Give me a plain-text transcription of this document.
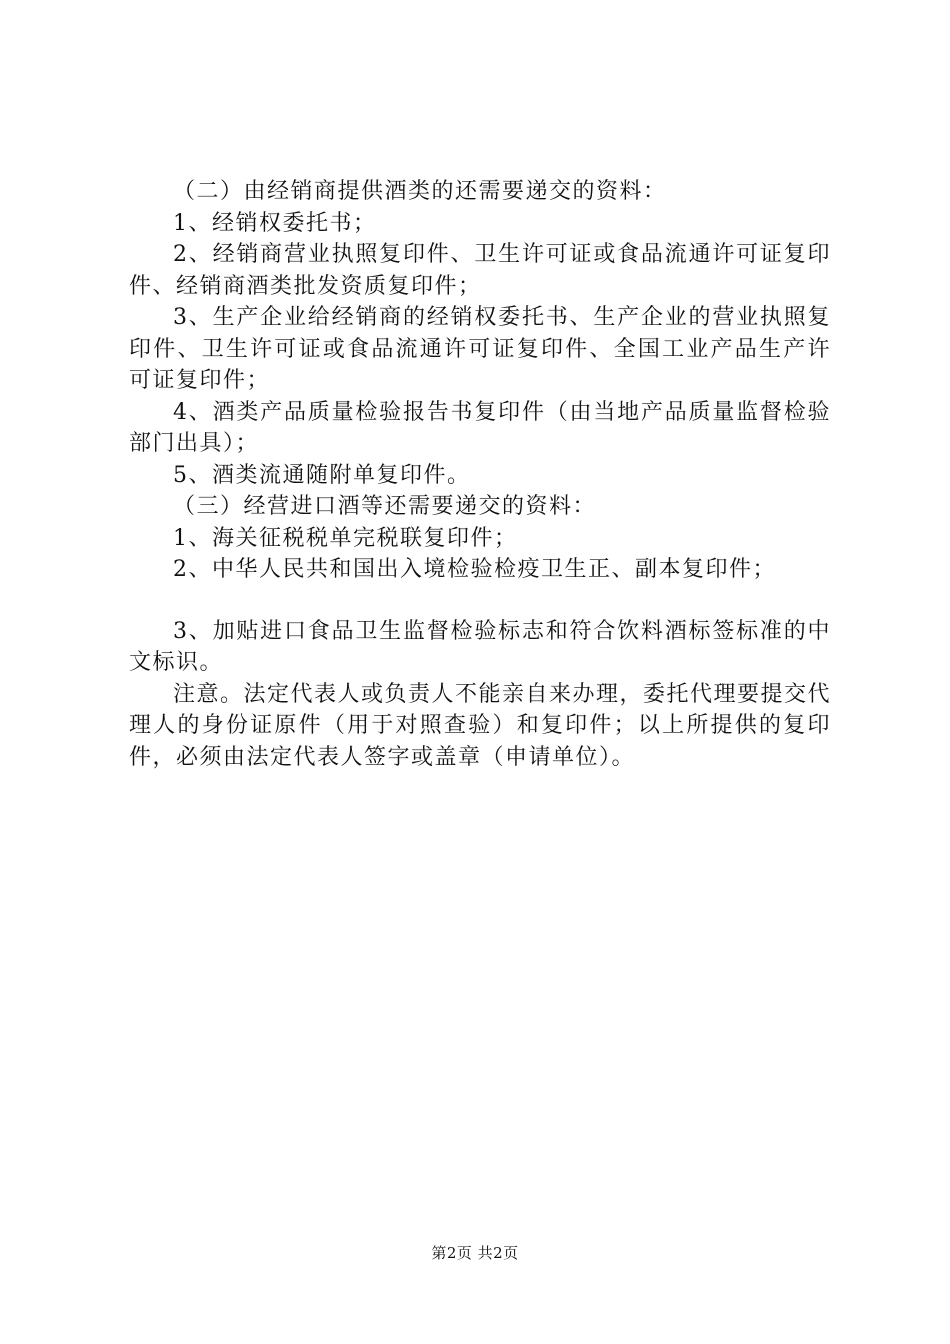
（二）由经销商提供酒类的还需要递交的资料：

1、经销权委托书；

2、经销商营业执照复印件、卫生许可证或食品流通许可证复印件、经销商酒类批发资质复印件；

3、生产企业给经销商的经销权委托书、生产企业的营业执照复印件、卫生许可证或食品流通许可证复印件、全国工业产品生产许可证复印件；

4、酒类产品质量检验报告书复印件（由当地产品质量监督检验部门出具）；

5、酒类流通随附单复印件。

（三）经营进口酒等还需要递交的资料：

1、海关征税税单完税联复印件；

2、中华人民共和国出入境检验检疫卫生正、副本复印件；

3、加贴进口食品卫生监督检验标志和符合饮料酒标签标准的中文标识。

注意。法定代表人或负责人不能亲自来办理，委托代理要提交代理人的身份证原件（用于对照查验）和复印件；以上所提供的复印件，必须由法定代表人签字或盖章（申请单位）。

第2页 共2页
